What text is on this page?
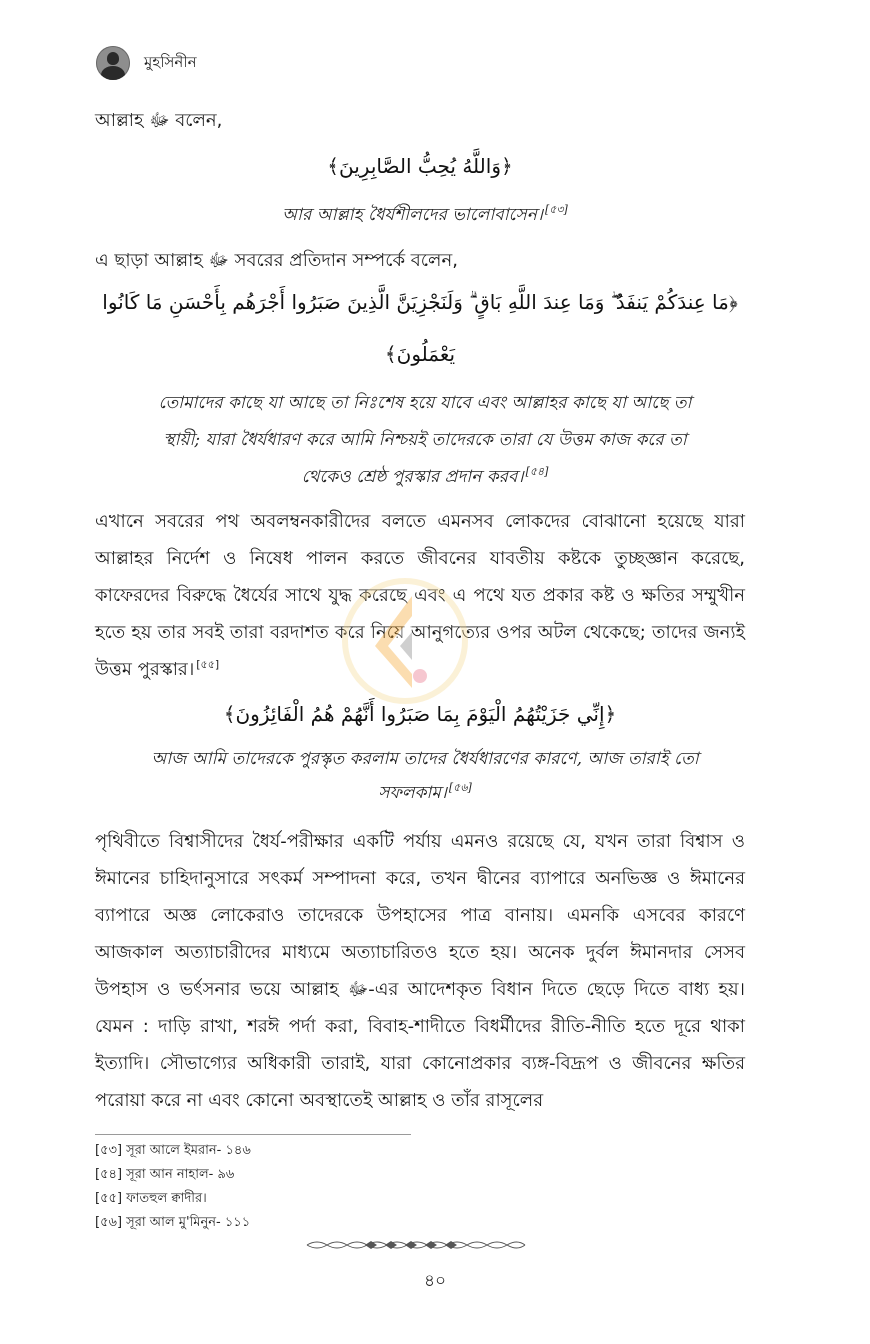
মুহসিনীন
আল্লাহ ﷻ বলেন,
﴿وَاللَّهُ يُحِبُّ الصَّابِرِينَ﴾
আর আল্লাহ ধৈর্যশীলদের ভালোবাসেন। [৫৩]
এ ছাড়া আল্লাহ ﷻ সবরের প্রতিদান সম্পর্কে বলেন,
﴿مَا عِندَكُمْ يَنفَدُ ۖ وَمَا عِندَ اللَّهِ بَاقٍ ۗ وَلَنَجْزِيَنَّ الَّذِينَ صَبَرُوا أَجْرَهُم بِأَحْسَنِ مَا كَانُوا
يَعْمَلُونَ﴾
তোমাদের কাছে যা আছে তা নিঃশেষ হয়ে যাবে এবং আল্লাহর কাছে যা আছে তা
স্থায়ী; যারা ধৈর্যধারণ করে আমি নিশ্চয়ই তাদেরকে তারা যে উত্তম কাজ করে তা
থেকেও শ্রেষ্ঠ পুরস্কার প্রদান করব। [৫৪]
এখানে সবরের পথ অবলম্বনকারীদের বলতে এমনসব লোকদের বোঝানো হয়েছে যারা আল্লাহর নির্দেশ ও নিষেধ পালন করতে জীবনের যাবতীয় কষ্টকে তুচ্ছজ্ঞান করেছে, কাফেরদের বিরুদ্ধে ধৈর্যের সাথে যুদ্ধ করেছে এবং এ পথে যত প্রকার কষ্ট ও ক্ষতির সম্মুখীন হতে হয় তার সবই তারা বরদাশত করে নিয়ে আনুগত্যের ওপর অটল থেকেছে; তাদের জন্যই উত্তম পুরস্কার। [৫৫]
﴿إِنِّي جَزَيْتُهُمُ الْيَوْمَ بِمَا صَبَرُوا أَنَّهُمْ هُمُ الْفَائِزُونَ﴾
আজ আমি তাদেরকে পুরস্কৃত করলাম তাদের ধৈর্যধারণের কারণে, আজ তারাই তো
সফলকাম। [৫৬]
পৃথিবীতে বিশ্বাসীদের ধৈর্য-পরীক্ষার একটি পর্যায় এমনও রয়েছে যে, যখন তারা বিশ্বাস ও ঈমানের চাহিদানুসারে সৎকর্ম সম্পাদনা করে, তখন দ্বীনের ব্যাপারে অনভিজ্ঞ ও ঈমানের ব্যাপারে অজ্ঞ লোকেরাও তাদেরকে উপহাসের পাত্র বানায়। এমনকি এসবের কারণে আজকাল অত্যাচারীদের মাধ্যমে অত্যাচারিতও হতে হয়। অনেক দুর্বল ঈমানদার সেসব উপহাস ও ভর্ৎসনার ভয়ে আল্লাহ ﷻ-এর আদেশকৃত বিধান দিতে ছেড়ে দিতে বাধ্য হয়। যেমন : দাড়ি রাখা, শরঈ পর্দা করা, বিবাহ-শাদীতে বিধর্মীদের রীতি-নীতি হতে দূরে থাকা ইত্যাদি। সৌভাগ্যের অধিকারী তারাই, যারা কোনোপ্রকার ব্যঙ্গ-বিদ্রূপ ও জীবনের ক্ষতির পরোয়া করে না এবং কোনো অবস্থাতেই আল্লাহ ও তাঁর রাসূলের
[৫৩] সূরা আলে ইমরান- ১৪৬
[৫৪] সূরা আন নাহাল- ৯৬
[৫৫] ফাতহুল ক্বাদীর।
[৫৬] সূরা আল মু'মিনুন- ১১১
৪০
